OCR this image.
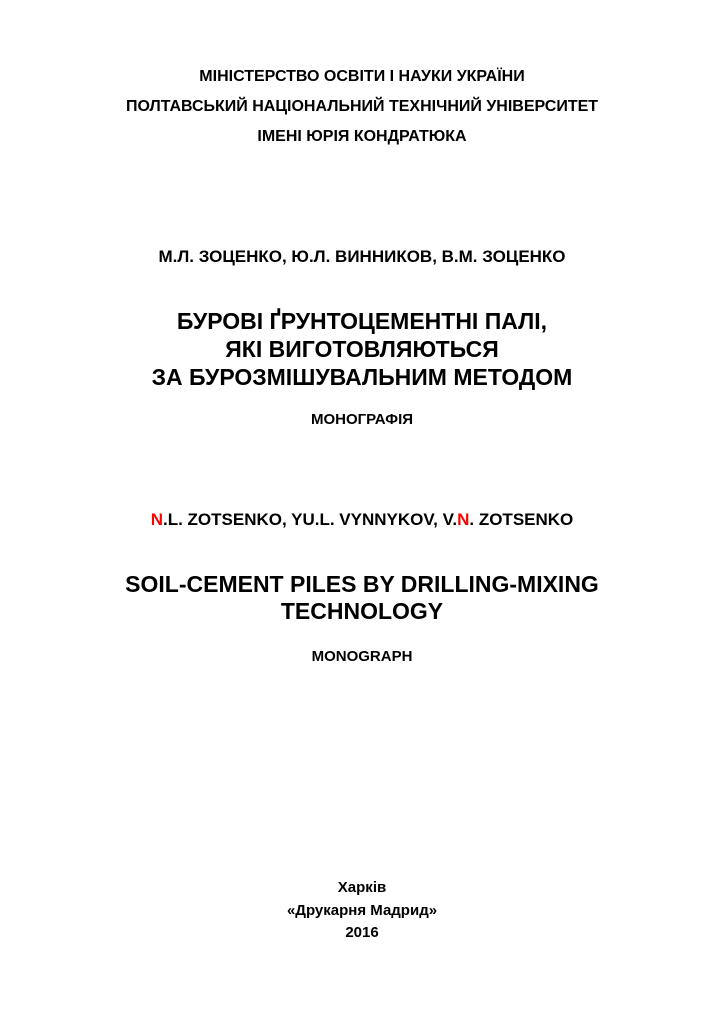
МІНІСТЕРСТВО ОСВІТИ І НАУКИ УКРАЇНИ
ПОЛТАВСЬКИЙ НАЦІОНАЛЬНИЙ ТЕХНІЧНИЙ УНІВЕРСИТЕТ
ІМЕНІ ЮРІЯ КОНДРАТЮКА
М.Л. ЗОЦЕНКО, Ю.Л. ВИННИКОВ, В.М. ЗОЦЕНКО
БУРОВІ ҐРУНТОЦЕМЕНТНІ ПАЛІ,
ЯКІ ВИГОТОВЛЯЮТЬСЯ
ЗА БУРОЗМІШУВАЛЬНИМ МЕТОДОМ
МОНОГРАФІЯ
N.L. ZOTSENKO, YU.L. VYNNYKOV, V.N. ZOTSENKO
SOIL-CEMENT PILES BY DRILLING-MIXING
TECHNOLOGY
MONOGRAPH
Харків
«Друкарня Мадрид»
2016
